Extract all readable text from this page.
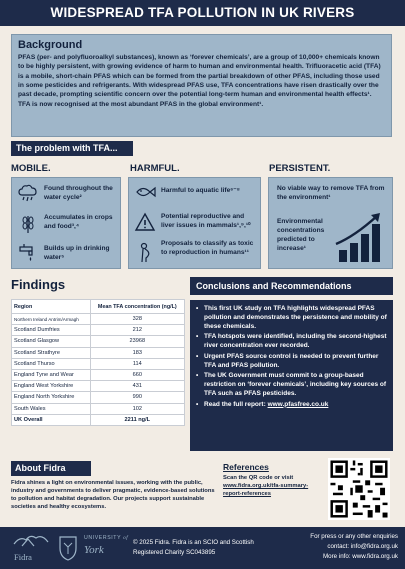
WIDESPREAD TFA POLLUTION IN UK RIVERS
Background

PFAS (per- and polyfluoroalkyl substances), known as ‘forever chemicals’, are a group of 10,000+ chemicals known to be highly persistent, with growing evidence of harm to human and environmental health. Trifluoracetic acid (TFA) is a mobile, short-chain PFAS which can be formed from the partial breakdown of other PFAS, including those used in some pesticides and refrigerants. With widespread PFAS use, TFA concentrations have risen drastically over the past decade, prompting scientific concern over the potential long-term human and environmental health effects¹. TFA is now recognised at the most abundant PFAS in the global environment¹.

The problem with TFA...
MOBILE.
Found throughout the water cycle²
Accumulates in crops and food³,⁴
Builds up in drinking water⁵
HARMFUL.
Harmful to aquatic life⁶⁻⁸
Potential reproductive and liver issues in mammals¹,⁹,¹⁰
Proposals to classify as toxic to reproduction in humans¹¹
PERSISTENT.
No viable way to remove TFA from the environment¹
Environmental concentrations predicted to increase¹
Findings
Region	Mean TFA concentration (ng/L)
Northern Ireland Antrim/Armagh	328
Scotland Dumfries	212
Scotland Glasgow	23968
Scotland Strathyre	183
Scotland Thurso	114
England Tyne and Wear	660
England West Yorkshire	431
England North Yorkshire	990
South Wales	102
UK Overall	2211 ng/L
Conclusions and Recommendations
• This first UK study on TFA highlights widespread PFAS pollution and demonstrates the persistence and mobility of these chemicals.
• TFA hotspots were identified, including the second-highest river concentration ever recorded.
• Urgent PFAS source control is needed to prevent further TFA and PFAS pollution.
• The UK Government must commit to a group-based restriction on ‘forever chemicals’, including key sources of TFA such as PFAS pesticides.
• Read the full report: www.pfasfree.co.uk
About Fidra
Fidra shines a light on environmental issues, working with the public, industry and governments to deliver pragmatic, evidence-based solutions to pollution and habitat degradation. Our projects support sustainable societies and healthy ecosystems.
References
Scan the QR code or visit
www.fidra.org.uk/tfa-summary-report-references
Fidra
UNIVERSITY of
York
© 2025 Fidra. Fidra is an SCIO and Scottish
Registered Charity SC043895
For press or any other enquiries
contact: info@fidra.org.uk
More info: www.fidra.org.uk
